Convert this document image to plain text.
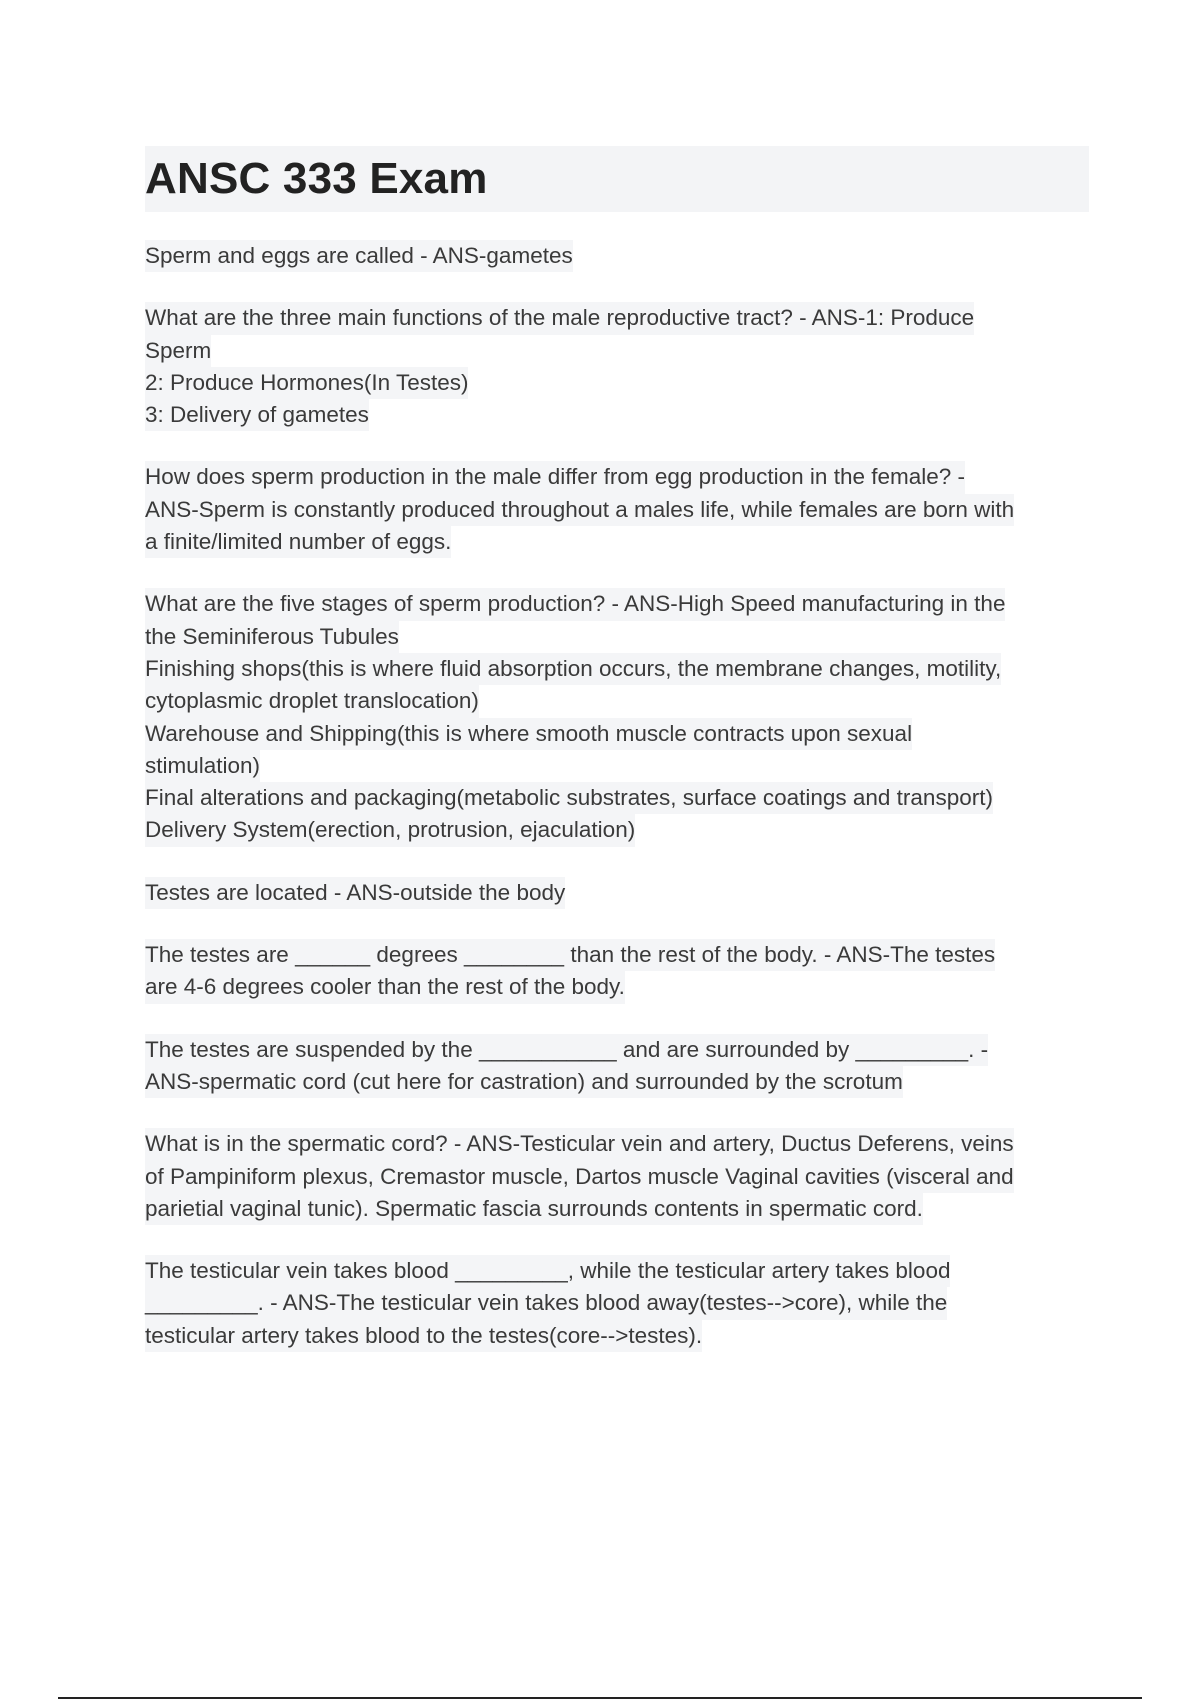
ANSC 333 Exam
Sperm and eggs are called - ANS-gametes
What are the three main functions of the male reproductive tract? - ANS-1: Produce
Sperm
2: Produce Hormones(In Testes)
3: Delivery of gametes
How does sperm production in the male differ from egg production in the female? -
ANS-Sperm is constantly produced throughout a males life, while females are born with
a finite/limited number of eggs.
What are the five stages of sperm production? - ANS-High Speed manufacturing in the
the Seminiferous Tubules
Finishing shops(this is where fluid absorption occurs, the membrane changes, motility,
cytoplasmic droplet translocation)
Warehouse and Shipping(this is where smooth muscle contracts upon sexual
stimulation)
Final alterations and packaging(metabolic substrates, surface coatings and transport)
Delivery System(erection, protrusion, ejaculation)
Testes are located - ANS-outside the body
The testes are ______ degrees ________ than the rest of the body. - ANS-The testes
are 4-6 degrees cooler than the rest of the body.
The testes are suspended by the ___________ and are surrounded by _________. -
ANS-spermatic cord (cut here for castration) and surrounded by the scrotum
What is in the spermatic cord? - ANS-Testicular vein and artery, Ductus Deferens, veins
of Pampiniform plexus, Cremastor muscle, Dartos muscle Vaginal cavities (visceral and
parietial vaginal tunic). Spermatic fascia surrounds contents in spermatic cord.
The testicular vein takes blood _________, while the testicular artery takes blood
_________. - ANS-The testicular vein takes blood away(testes-->core), while the
testicular artery takes blood to the testes(core-->testes).
